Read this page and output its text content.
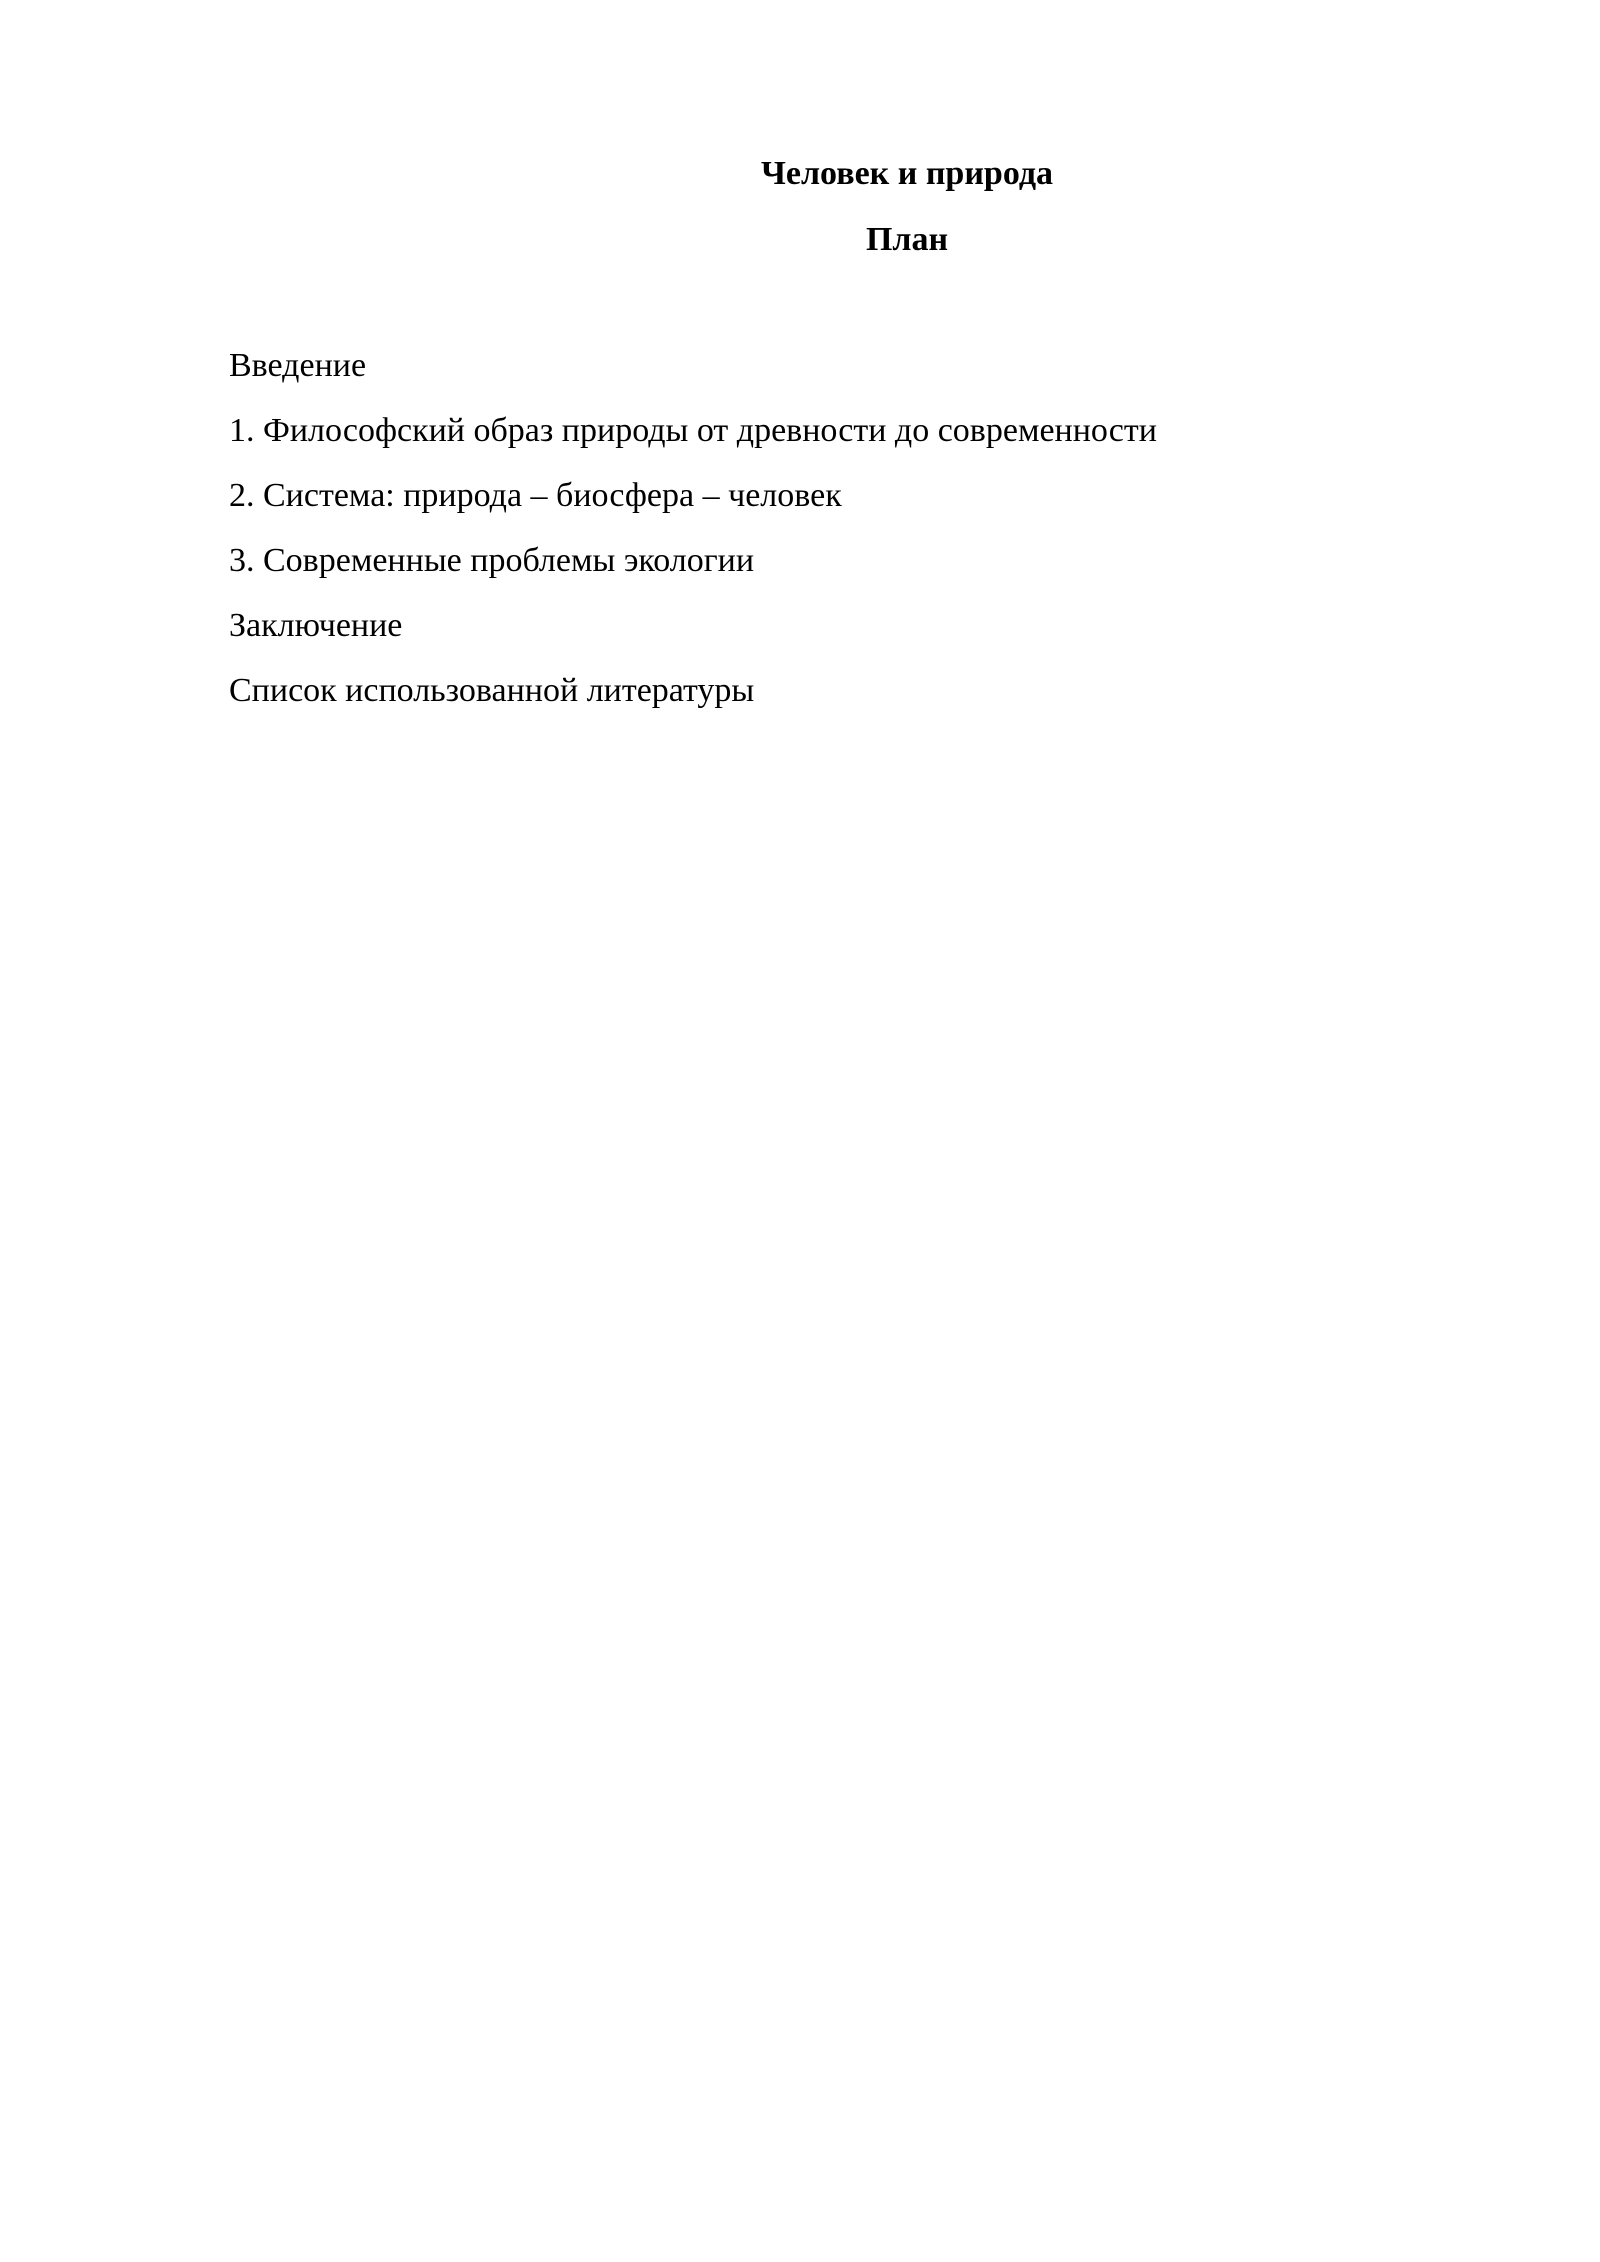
Человек и природа
План
Введение
1. Философский образ природы от древности до современности
2. Система: природа – биосфера – человек
3. Современные проблемы экологии
Заключение
Список использованной литературы
